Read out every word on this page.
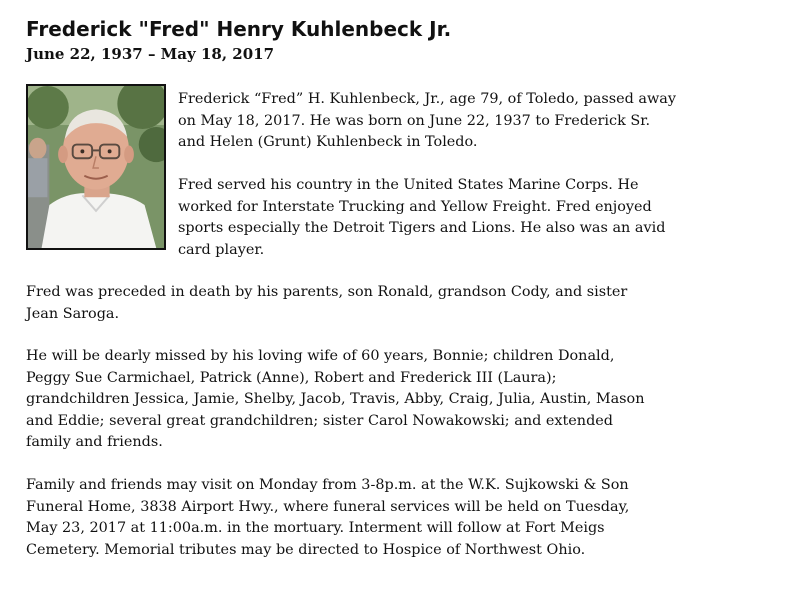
Frederick "Fred" Henry Kuhlenbeck Jr.
June 22, 1937 – May 18, 2017
Frederick “Fred” H. Kuhlenbeck, Jr., age 79, of Toledo, passed away
on May 18, 2017. He was born on June 22, 1937 to Frederick Sr.
and Helen (Grunt) Kuhlenbeck in Toledo.
Fred served his country in the United States Marine Corps. He
worked for Interstate Trucking and Yellow Freight. Fred enjoyed
sports especially the Detroit Tigers and Lions. He also was an avid
card player.
Fred was preceded in death by his parents, son Ronald, grandson Cody, and sister
Jean Saroga.
He will be dearly missed by his loving wife of 60 years, Bonnie; children Donald,
Peggy Sue Carmichael, Patrick (Anne), Robert and Frederick III (Laura);
grandchildren Jessica, Jamie, Shelby, Jacob, Travis, Abby, Craig, Julia, Austin, Mason
and Eddie; several great grandchildren; sister Carol Nowakowski; and extended
family and friends.
Family and friends may visit on Monday from 3-8p.m. at the W.K. Sujkowski & Son
Funeral Home, 3838 Airport Hwy., where funeral services will be held on Tuesday,
May 23, 2017 at 11:00a.m. in the mortuary. Interment will follow at Fort Meigs
Cemetery. Memorial tributes may be directed to Hospice of Northwest Ohio.
